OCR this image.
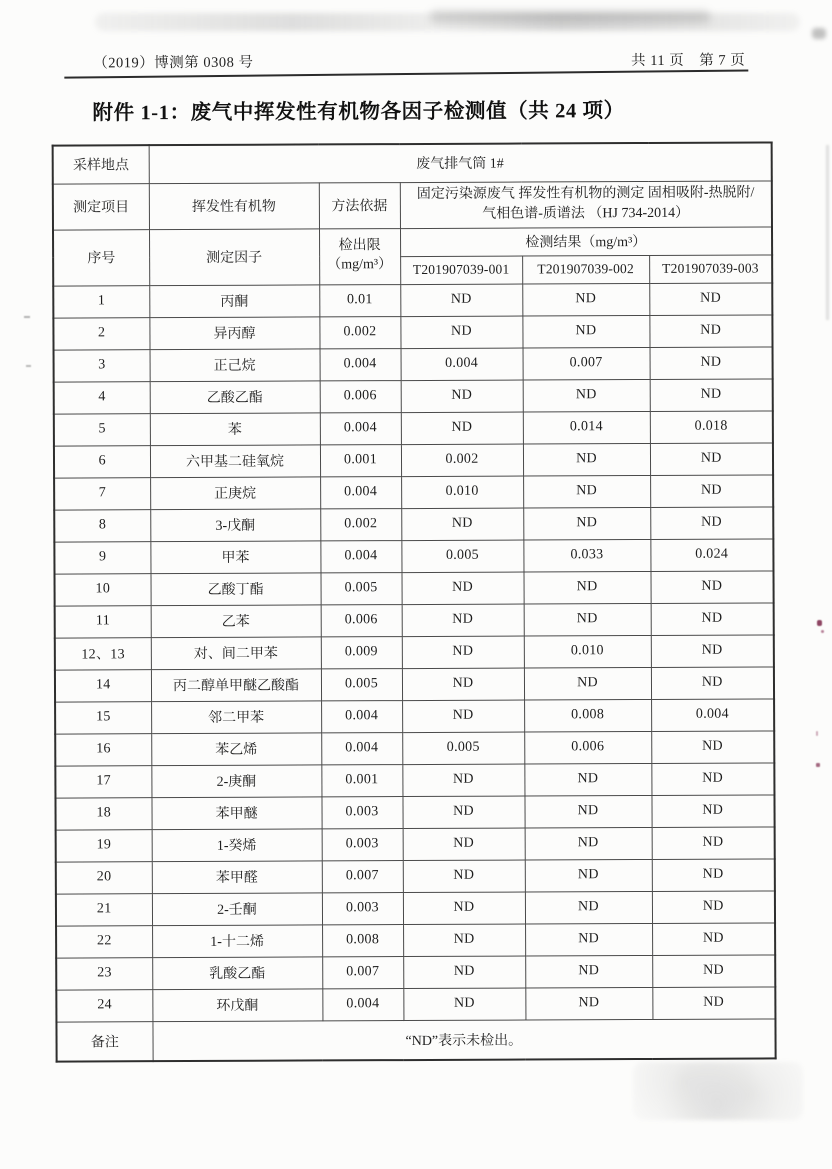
（2019）博测第 0308 号	共 11 页　第 7 页
附件 1-1：废气中挥发性有机物各因子检测值（共 24 项）
采样地点	废气排气筒 1#				
测定项目	挥发性有机物	方法依据	固定污染源废气 挥发性有机物的测定 固相吸附-热脱附/
气相色谱-质谱法 （HJ 734-2014）		

序号	测定因子	检出限
（mg/m³）	检测结果（mg/m³）		
			T201907039-001	T201907039-002	T201907039-003
1	丙酮	0.01	ND	ND	ND
2	异丙醇	0.002	ND	ND	ND
3	正己烷	0.004	0.004	0.007	ND
4	乙酸乙酯	0.006	ND	ND	ND
5	苯	0.004	ND	0.014	0.018
6	六甲基二硅氧烷	0.001	0.002	ND	ND
7	正庚烷	0.004	0.010	ND	ND
8	3-戊酮	0.002	ND	ND	ND
9	甲苯	0.004	0.005	0.033	0.024
10	乙酸丁酯	0.005	ND	ND	ND
11	乙苯	0.006	ND	ND	ND
12、13	对、间二甲苯	0.009	ND	0.010	ND
14	丙二醇单甲醚乙酸酯	0.005	ND	ND	ND
15	邻二甲苯	0.004	ND	0.008	0.004
16	苯乙烯	0.004	0.005	0.006	ND
17	2-庚酮	0.001	ND	ND	ND
18	苯甲醚	0.003	ND	ND	ND
19	1-癸烯	0.003	ND	ND	ND
20	苯甲醛	0.007	ND	ND	ND
21	2-壬酮	0.003	ND	ND	ND
22	1-十二烯	0.008	ND	ND	ND
23	乳酸乙酯	0.007	ND	ND	ND
24	环戊酮	0.004	ND	ND	ND
备注	“ND”表示未检出。				
